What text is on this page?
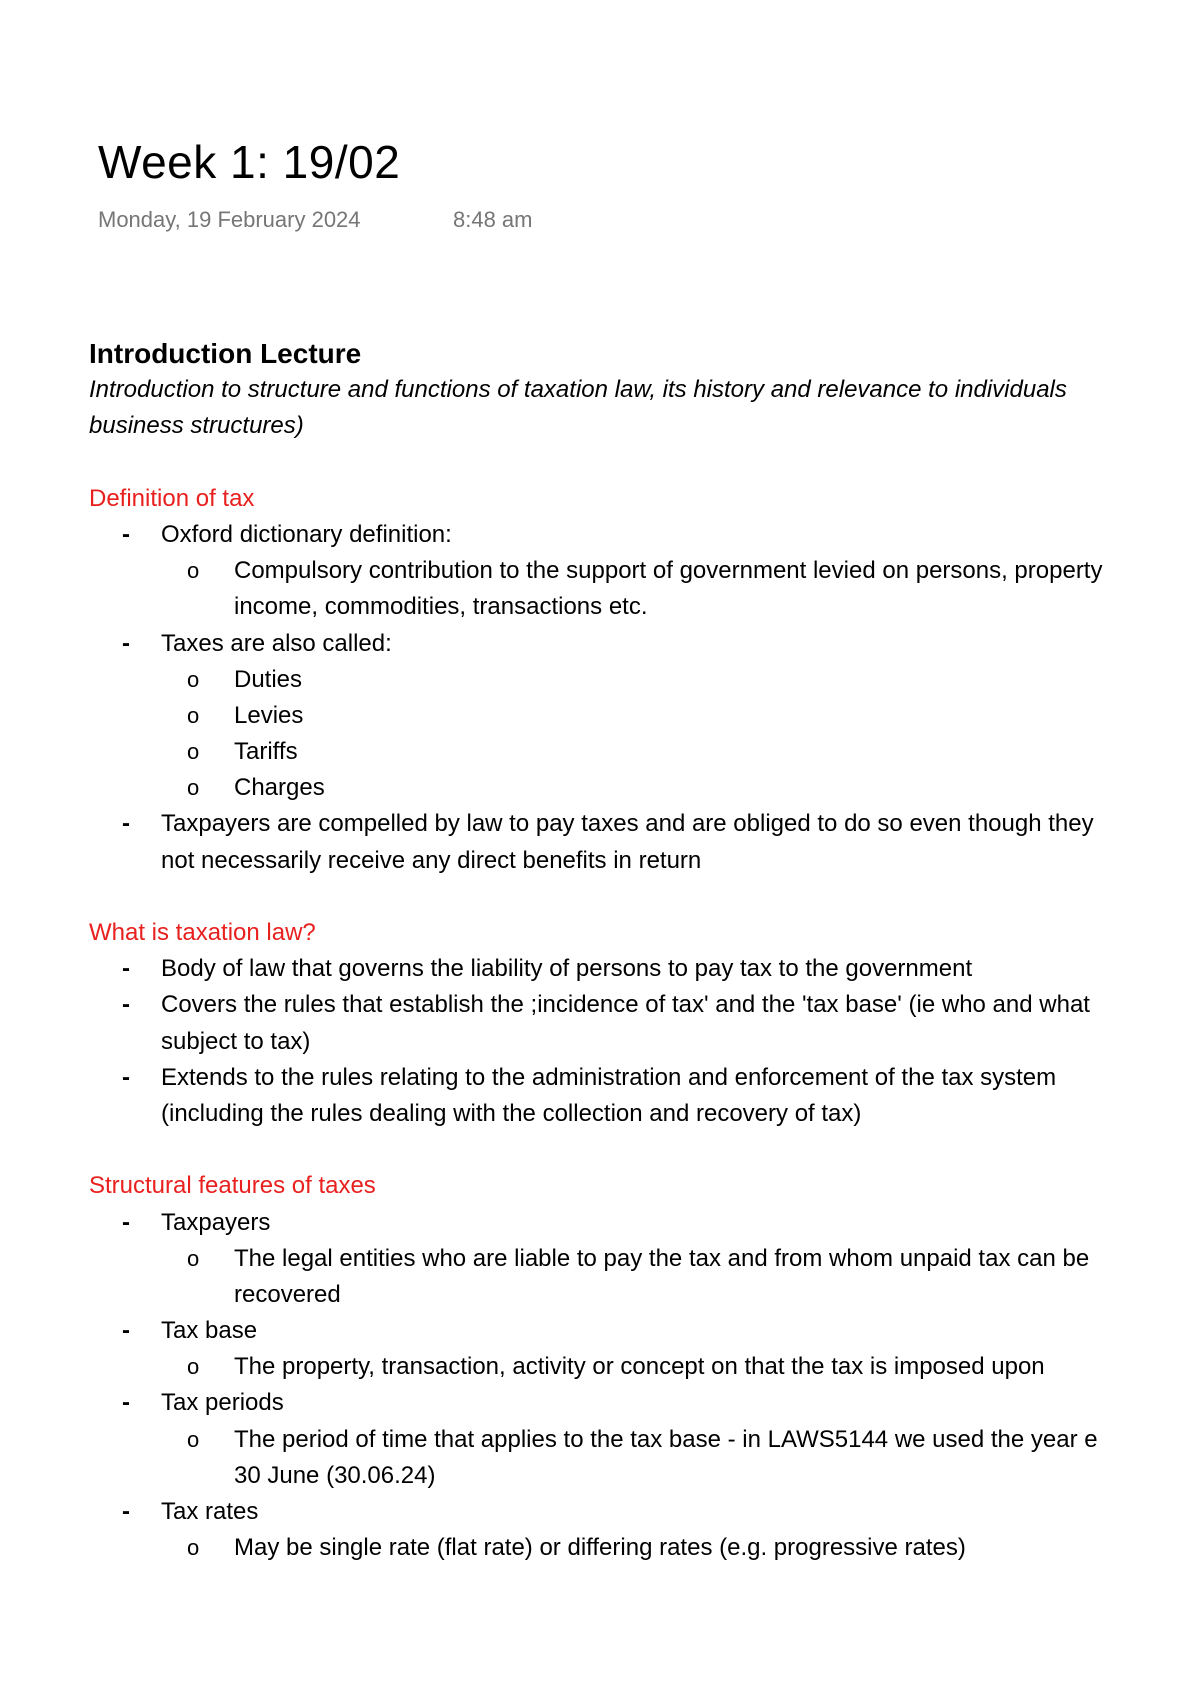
Week 1: 19/02
Monday, 19 February 2024	8:48 am
Introduction Lecture
Introduction to structure and functions of taxation law, its history and relevance to individuals
business structures)
Definition of tax
- Oxford dictionary definition:
o Compulsory contribution to the support of government levied on persons, property
income, commodities, transactions etc.
- Taxes are also called:
o Duties
o Levies
o Tariffs
o Charges
- Taxpayers are compelled by law to pay taxes and are obliged to do so even though they
not necessarily receive any direct benefits in return
What is taxation law?
- Body of law that governs the liability of persons to pay tax to the government
- Covers the rules that establish the ;incidence of tax' and the 'tax base' (ie who and what
subject to tax)
- Extends to the rules relating to the administration and enforcement of the tax system
(including the rules dealing with the collection and recovery of tax)
Structural features of taxes
- Taxpayers
o The legal entities who are liable to pay the tax and from whom unpaid tax can be
recovered
- Tax base
o The property, transaction, activity or concept on that the tax is imposed upon
- Tax periods
o The period of time that applies to the tax base - in LAWS5144 we used the year e
30 June (30.06.24)
- Tax rates
o May be single rate (flat rate) or differing rates (e.g. progressive rates)
